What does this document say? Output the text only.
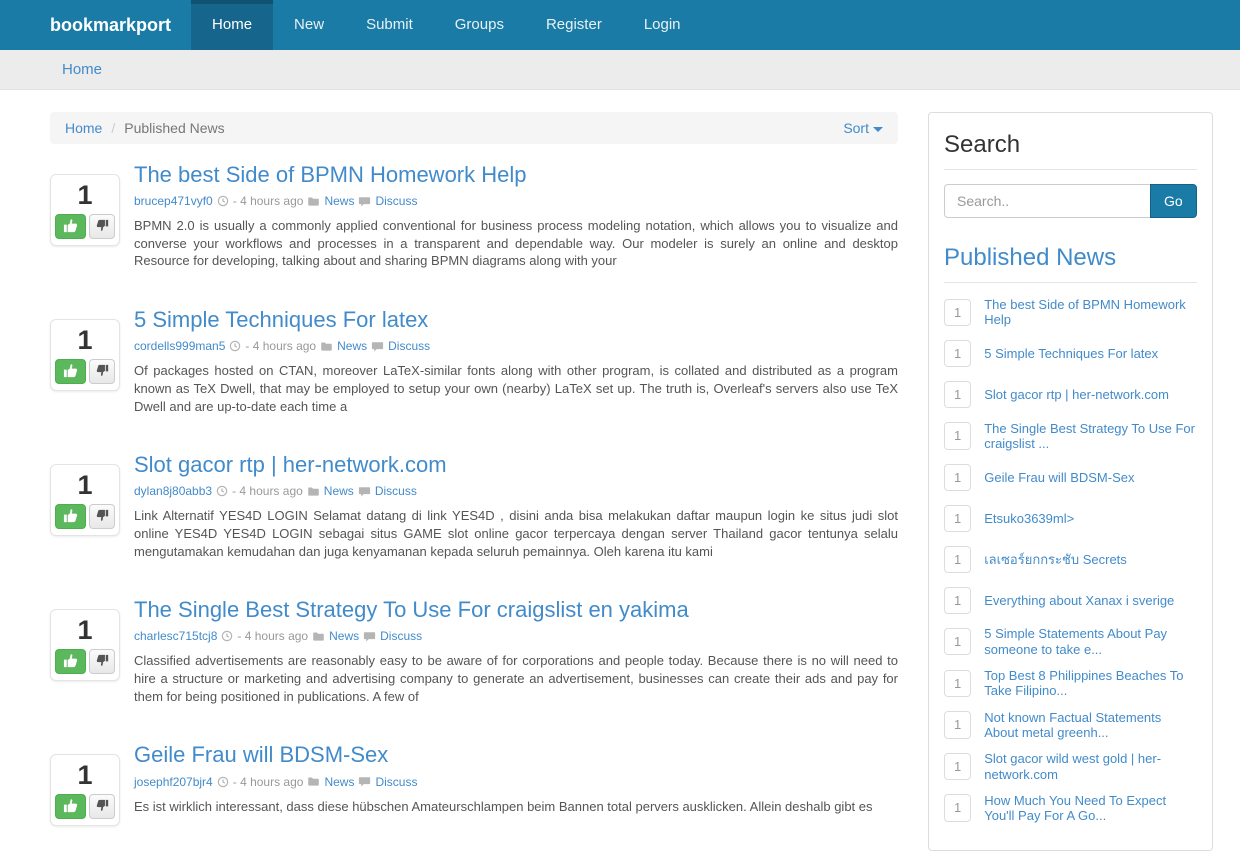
bookmarkport	Home	New	Submit	Groups	Register	Login
Home
Home / Published News	Sort
1
The best Side of BPMN Homework Help
brucep471vyf0 - 4 hours ago News Discuss

BPMN 2.0 is usually a commonly applied conventional for business process modeling notation, which allows you to visualize and converse your workflows and processes in a transparent and dependable way. Our modeler is surely an online and desktop Resource for developing, talking about and sharing BPMN diagrams along with your

1
5 Simple Techniques For latex
cordells999man5 - 4 hours ago News Discuss

Of packages hosted on CTAN, moreover LaTeX-similar fonts along with other program, is collated and distributed as a program known as TeX Dwell, that may be employed to setup your own (nearby) LaTeX set up. The truth is, Overleaf's servers also use TeX Dwell and are up-to-date each time a

1
Slot gacor rtp | her-network.com
dylan8j80abb3 - 4 hours ago News Discuss

Link Alternatif YES4D LOGIN Selamat datang di link YES4D , disini anda bisa melakukan daftar maupun login ke situs judi slot online YES4D YES4D LOGIN sebagai situs GAME slot online gacor terpercaya dengan server Thailand gacor tentunya selalu mengutamakan kemudahan dan juga kenyamanan kepada seluruh pemainnya. Oleh karena itu kami

1
The Single Best Strategy To Use For craigslist en yakima
charlesc715tcj8 - 4 hours ago News Discuss

Classified advertisements are reasonably easy to be aware of for corporations and people today. Because there is no will need to hire a structure or marketing and advertising company to generate an advertisement, businesses can create their ads and pay for them for being positioned in publications. A few of

1
Geile Frau will BDSM-Sex
josephf207bjr4 - 4 hours ago News Discuss

Es ist wirklich interessant, dass diese hübschen Amateurschlampen beim Bannen total pervers ausklicken. Allein deshalb gibt es

Search
Search..
Go
Published News
1
The best Side of BPMN Homework Help
1	5 Simple Techniques For latex
1	Slot gacor rtp | her-network.com
1
The Single Best Strategy To Use For craigslist ...
1	Geile Frau will BDSM-Sex
1	Etsuko3639ml>
1	เลเซอร์ยกกระชับ Secrets
1	Everything about Xanax i sverige
1
5 Simple Statements About Pay someone to take e...
1
Top Best 8 Philippines Beaches To Take Filipino...
1
Not known Factual Statements About metal greenh...
1
Slot gacor wild west gold | her-network.com
1
How Much You Need To Expect You'll Pay For A Go...
